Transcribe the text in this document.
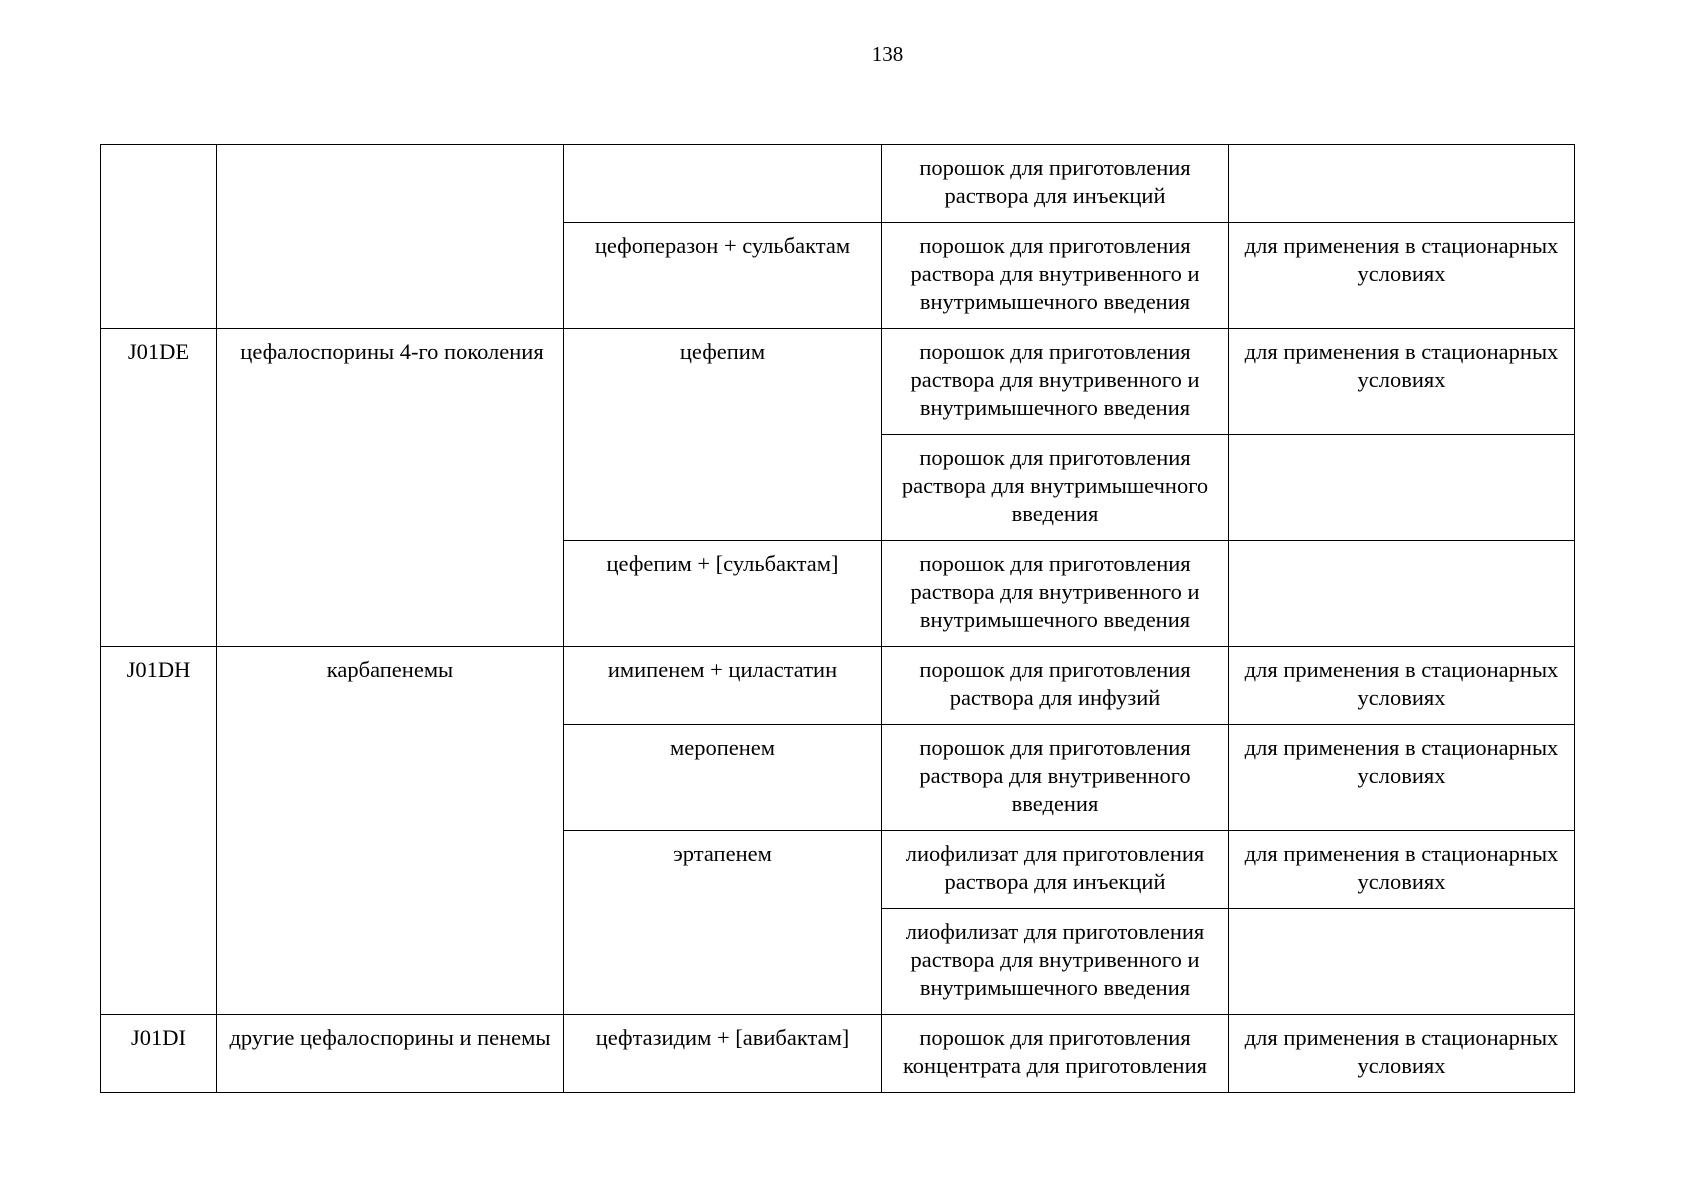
138
			порошок для приготовления раствора для инъекций	
		цефоперазон + сульбактам	порошок для приготовления раствора для внутривенного и внутримышечного введения	для применения в стационарных условиях
J01DE	цефалоспорины 4-го поколения	цефепим	порошок для приготовления раствора для внутривенного и внутримышечного введения	для применения в стационарных условиях
			порошок для приготовления раствора для внутримышечного введения	
		цефепим + [сульбактам]	порошок для приготовления раствора для внутривенного и внутримышечного введения	
J01DH	карбапенемы	имипенем + циластатин	порошок для приготовления раствора для инфузий	для применения в стационарных условиях
		меропенем	порошок для приготовления раствора для внутривенного введения	для применения в стационарных условиях
		эртапенем	лиофилизат для приготовления раствора для инъекций	для применения в стационарных условиях
			лиофилизат для приготовления раствора для внутривенного и внутримышечного введения	
J01DI	другие цефалоспорины и пенемы	цефтазидим + [авибактам]	порошок для приготовления концентрата для приготовления	для применения в стационарных условиях
